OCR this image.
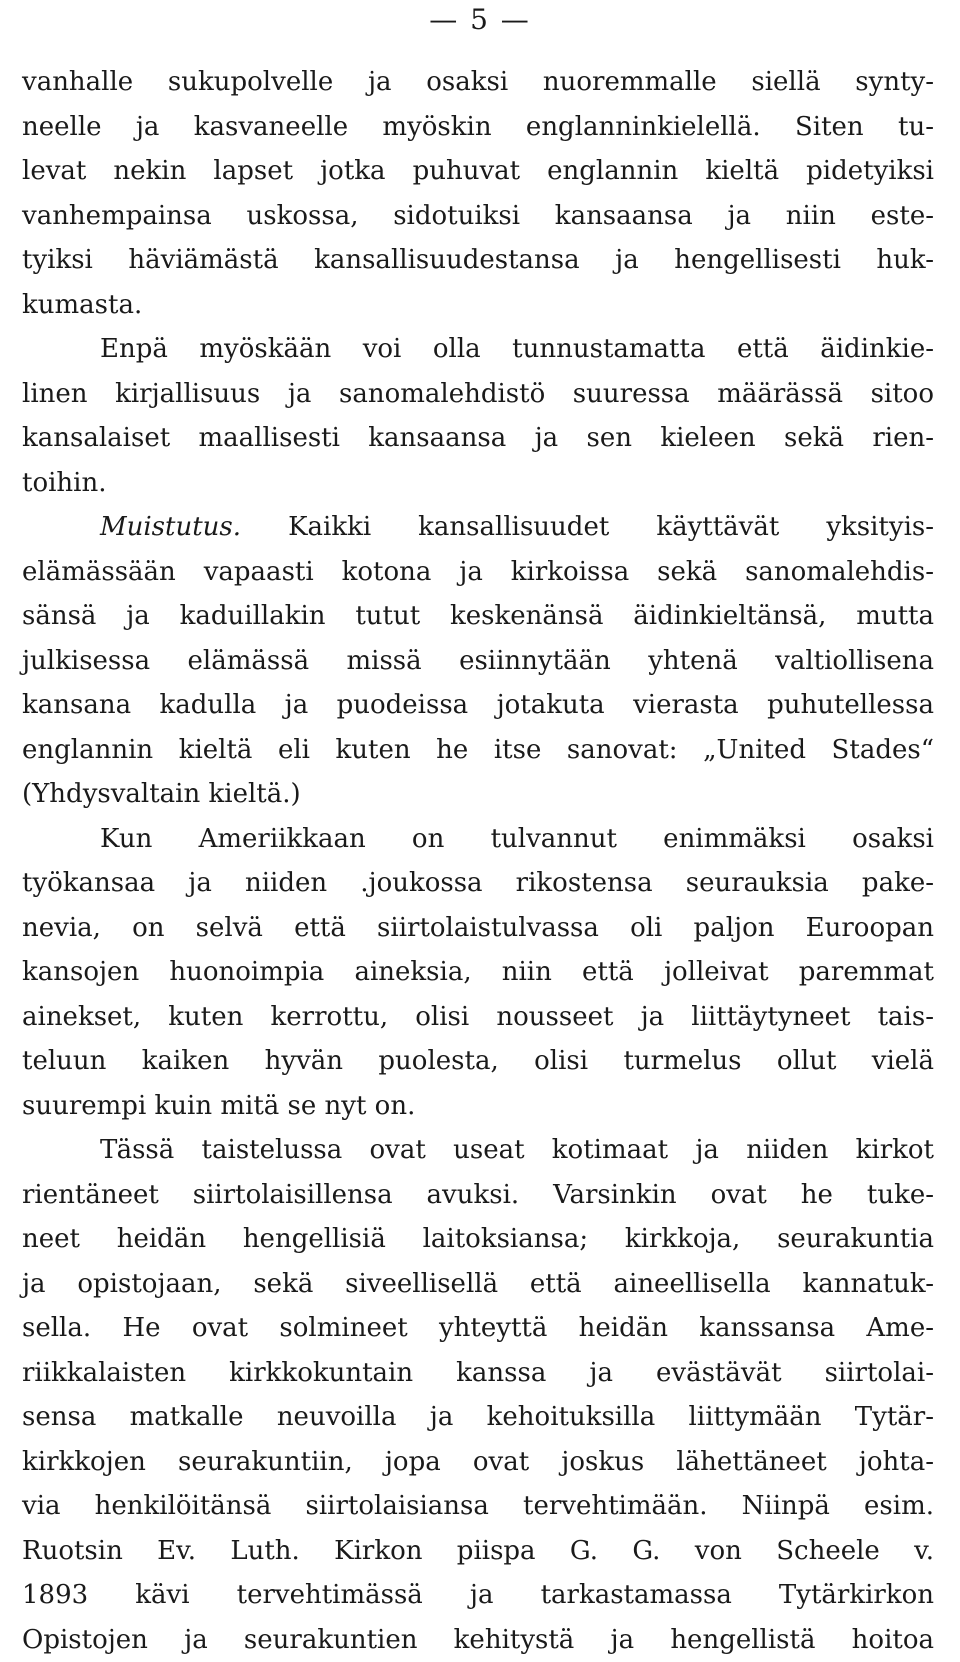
— 5 —
vanhalle sukupolvelle ja osaksi nuoremmalle siellä synty-
neelle ja kasvaneelle myöskin englanninkielellä. Siten tu-
levat nekin lapset jotka puhuvat englannin kieltä pidetyiksi
vanhempainsa uskossa, sidotuiksi kansaansa ja niin este-
tyiksi häviämästä kansallisuudestansa ja hengellisesti huk-
kumasta.
Enpä myöskään voi olla tunnustamatta että äidinkie-
linen kirjallisuus ja sanomalehdistö suuressa määrässä sitoo
kansalaiset maallisesti kansaansa ja sen kieleen sekä rien-
toihin.
Muistutus. Kaikki kansallisuudet käyttävät yksityis-
elämässään vapaasti kotona ja kirkoissa sekä sanomalehdis-
sänsä ja kaduillakin tutut keskenänsä äidinkieltänsä, mutta
julkisessa elämässä missä esiinnytään yhtenä valtiollisena
kansana kadulla ja puodeissa jotakuta vierasta puhutellessa
englannin kieltä eli kuten he itse sanovat: „United Stades“
(Yhdysvaltain kieltä.)
Kun Ameriikkaan on tulvannut enimmäksi osaksi
työkansaa ja niiden .joukossa rikostensa seurauksia pake-
nevia, on selvä että siirtolaistulvassa oli paljon Euroopan
kansojen huonoimpia aineksia, niin että jolleivat paremmat
ainekset, kuten kerrottu, olisi nousseet ja liittäytyneet tais-
teluun kaiken hyvän puolesta, olisi turmelus ollut vielä
suurempi kuin mitä se nyt on.
Tässä taistelussa ovat useat kotimaat ja niiden kirkot
rientäneet siirtolaisillensa avuksi. Varsinkin ovat he tuke-
neet heidän hengellisiä laitoksiansa; kirkkoja, seurakuntia
ja opistojaan, sekä siveellisellä että aineellisella kannatuk-
sella. He ovat solmineet yhteyttä heidän kanssansa Ame-
riikkalaisten kirkkokuntain kanssa ja evästävät siirtolai-
sensa matkalle neuvoilla ja kehoituksilla liittymään Tytär-
kirkkojen seurakuntiin, jopa ovat joskus lähettäneet johta-
via henkilöitänsä siirtolaisiansa tervehtimään. Niinpä esim.
Ruotsin Ev. Luth. Kirkon piispa G. G. von Scheele v.
1893 kävi tervehtimässä ja tarkastamassa Tytärkirkon
Opistojen ja seurakuntien kehitystä ja hengellistä hoitoa
